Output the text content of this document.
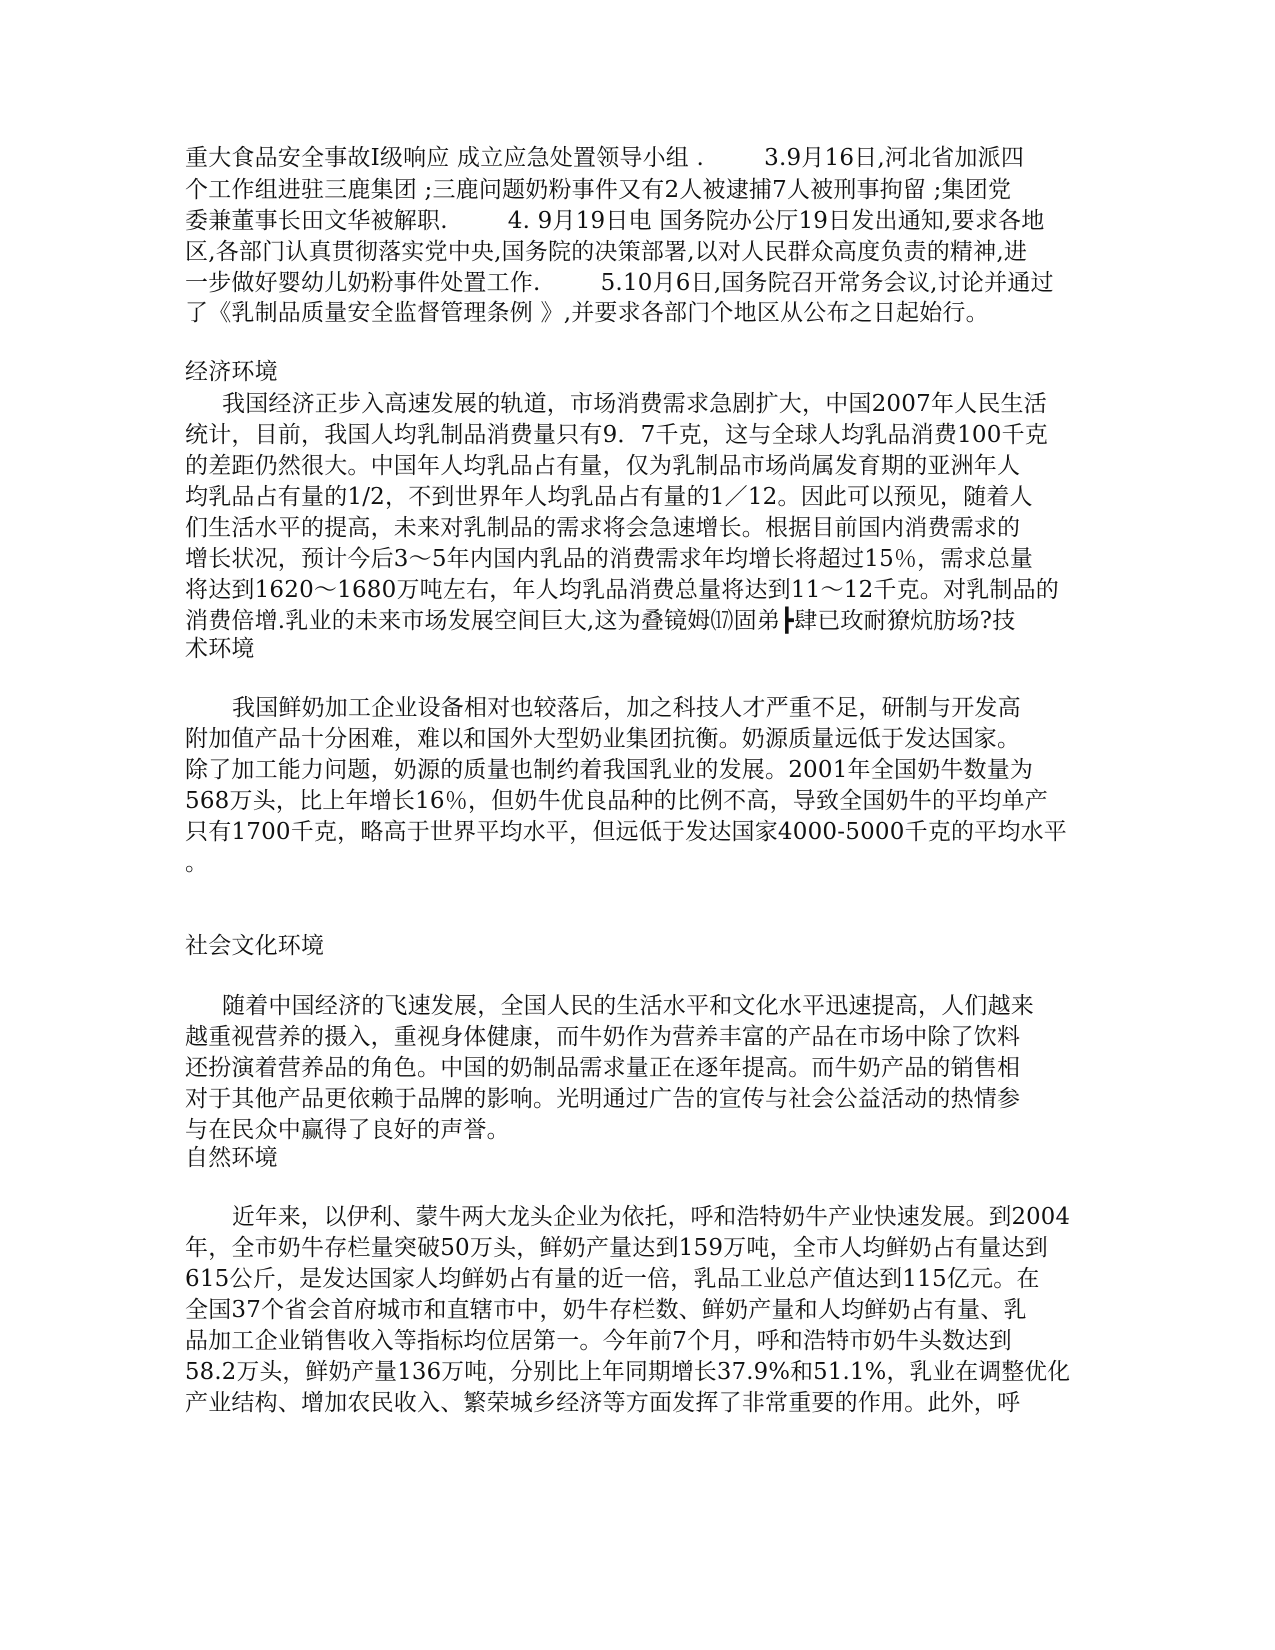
重大食品安全事故Ⅰ级响应 成立应急处置领导小组 .        3.9月16日,河北省加派四
个工作组进驻三鹿集团 ;三鹿问题奶粉事件又有2人被逮捕7人被刑事拘留 ;集团党
委兼董事长田文华被解职.        4. 9月19日电 国务院办公厅19日发出通知,要求各地
区,各部门认真贯彻落实党中央,国务院的决策部署,以对人民群众高度负责的精神,进
一步做好婴幼儿奶粉事件处置工作.        5.10月6日,国务院召开常务会议,讨论并通过
了《乳制品质量安全监督管理条例 》,并要求各部门个地区从公布之日起始行。
经济环境
我国经济正步入高速发展的轨道，市场消费需求急剧扩大，中国2007年人民生活
统计，目前，我国人均乳制品消费量只有9．7千克，这与全球人均乳品消费100千克
的差距仍然很大。中国年人均乳品占有量，仅为乳制品市场尚属发育期的亚洲年人
均乳品占有量的1/2，不到世界年人均乳品占有量的1／12。因此可以预见，随着人
们生活水平的提高，未来对乳制品的需求将会急速增长。根据目前国内消费需求的
增长状况，预计今后3～5年内国内乳品的消费需求年均增长将超过15％，需求总量
将达到1620～1680万吨左右，年人均乳品消费总量将达到11～12千克。对乳制品的
消费倍增.乳业的未来市场发展空间巨大,这为叠镜姆⒄固弟┣肆已玫耐獠炕肪场?技
术环境
我国鲜奶加工企业设备相对也较落后，加之科技人才严重不足，研制与开发高
附加值产品十分困难，难以和国外大型奶业集团抗衡。奶源质量远低于发达国家。
除了加工能力问题，奶源的质量也制约着我国乳业的发展。2001年全国奶牛数量为
568万头，比上年增长16％，但奶牛优良品种的比例不高，导致全国奶牛的平均单产
只有1700千克，略高于世界平均水平，但远低于发达国家4000-5000千克的平均水平
。
社会文化环境
随着中国经济的飞速发展，全国人民的生活水平和文化水平迅速提高，人们越来
越重视营养的摄入，重视身体健康，而牛奶作为营养丰富的产品在市场中除了饮料
还扮演着营养品的角色。中国的奶制品需求量正在逐年提高。而牛奶产品的销售相
对于其他产品更依赖于品牌的影响。光明通过广告的宣传与社会公益活动的热情参
与在民众中赢得了良好的声誉。
自然环境
近年来，以伊利、蒙牛两大龙头企业为依托，呼和浩特奶牛产业快速发展。到2004
年，全市奶牛存栏量突破50万头，鲜奶产量达到159万吨，全市人均鲜奶占有量达到
615公斤，是发达国家人均鲜奶占有量的近一倍，乳品工业总产值达到115亿元。在
全国37个省会首府城市和直辖市中，奶牛存栏数、鲜奶产量和人均鲜奶占有量、乳
品加工企业销售收入等指标均位居第一。今年前7个月，呼和浩特市奶牛头数达到
58.2万头，鲜奶产量136万吨，分别比上年同期增长37.9%和51.1%，乳业在调整优化
产业结构、增加农民收入、繁荣城乡经济等方面发挥了非常重要的作用。此外，呼
